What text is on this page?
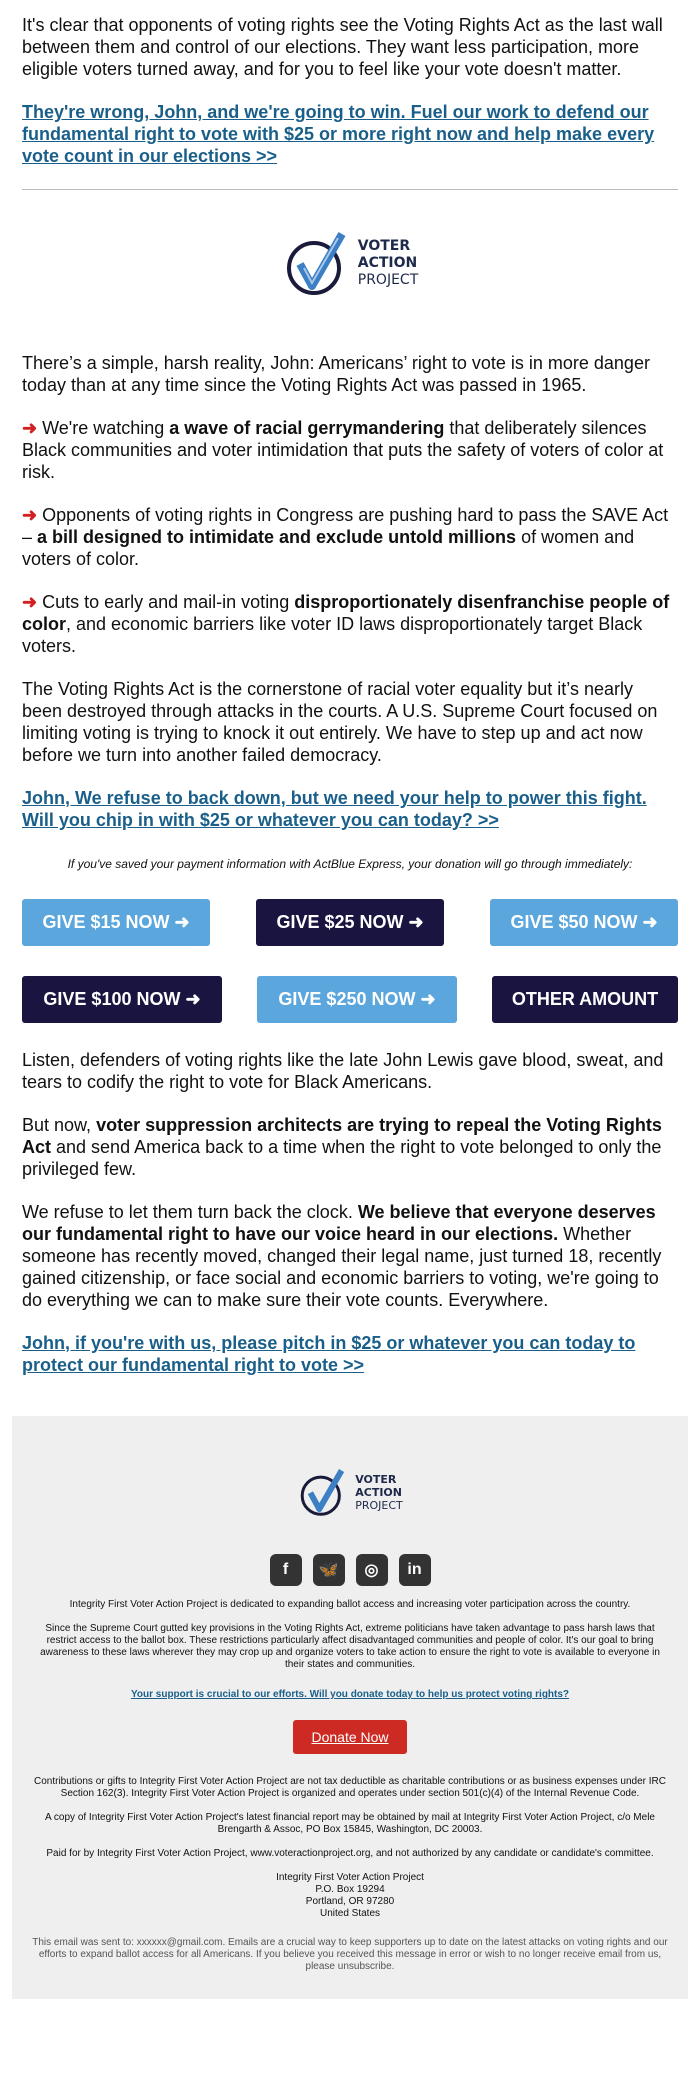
It's clear that opponents of voting rights see the Voting Rights Act as the last wall between them and control of our elections. They want less participation, more eligible voters turned away, and for you to feel like your vote doesn't matter.

They're wrong, John, and we're going to win. Fuel our work to defend our fundamental right to vote with $25 or more right now and help make every vote count in our elections >>
VOTER
ACTION
PROJECT

There’s a simple, harsh reality, John: Americans’ right to vote is in more danger today than at any time since the Voting Rights Act was passed in 1965.

➜ We're watching a wave of racial gerrymandering that deliberately silences Black communities and voter intimidation that puts the safety of voters of color at risk.

➜ Opponents of voting rights in Congress are pushing hard to pass the SAVE Act – a bill designed to intimidate and exclude untold millions of women and voters of color.

➜ Cuts to early and mail-in voting disproportionately disenfranchise people of color, and economic barriers like voter ID laws disproportionately target Black voters.

The Voting Rights Act is the cornerstone of racial voter equality but it’s nearly been destroyed through attacks in the courts. A U.S. Supreme Court focused on limiting voting is trying to knock it out entirely. We have to step up and act now before we turn into another failed democracy.

John, We refuse to back down, but we need your help to power this fight. Will you chip in with $25 or whatever you can today? >>

If you've saved your payment information with ActBlue Express, your donation will go through immediately:

GIVE $15 NOW ➜	GIVE $25 NOW ➜	GIVE $50 NOW ➜
GIVE $100 NOW ➜	GIVE $250 NOW ➜	OTHER AMOUNT

Listen, defenders of voting rights like the late John Lewis gave blood, sweat, and tears to codify the right to vote for Black Americans.

But now, voter suppression architects are trying to repeal the Voting Rights Act and send America back to a time when the right to vote belonged to only the privileged few.

We refuse to let them turn back the clock. We believe that everyone deserves our fundamental right to have our voice heard in our elections. Whether someone has recently moved, changed their legal name, just turned 18, recently gained citizenship, or face social and economic barriers to voting, we're going to do everything we can to make sure their vote counts. Everywhere.

John, if you're with us, please pitch in $25 or whatever you can today to protect our fundamental right to vote >>
VOTER
ACTION
PROJECT
f	🦋	◎	in

Integrity First Voter Action Project is dedicated to expanding ballot access and increasing voter participation across the country.

Since the Supreme Court gutted key provisions in the Voting Rights Act, extreme politicians have taken advantage to pass harsh laws that restrict access to the ballot box. These restrictions particularly affect disadvantaged communities and people of color. It's our goal to bring awareness to these laws wherever they may crop up and organize voters to take action to ensure the right to vote is available to everyone in their states and communities.

Your support is crucial to our efforts. Will you donate today to help us protect voting rights?
Donate Now

Contributions or gifts to Integrity First Voter Action Project are not tax deductible as charitable contributions or as business expenses under IRC Section 162(3). Integrity First Voter Action Project is organized and operates under section 501(c)(4) of the Internal Revenue Code.

A copy of Integrity First Voter Action Project's latest financial report may be obtained by mail at Integrity First Voter Action Project, c/o Mele Brengarth & Assoc, PO Box 15845, Washington, DC 20003.

Paid for by Integrity First Voter Action Project, www.voteractionproject.org, and not authorized by any candidate or candidate's committee.

Integrity First Voter Action Project

P.O. Box 19294

Portland, OR 97280

United States

This email was sent to: xxxxxx@gmail.com. Emails are a crucial way to keep supporters up to date on the latest attacks on voting rights and our efforts to expand ballot access for all Americans. If you believe you received this message in error or wish to no longer receive email from us, please unsubscribe.
